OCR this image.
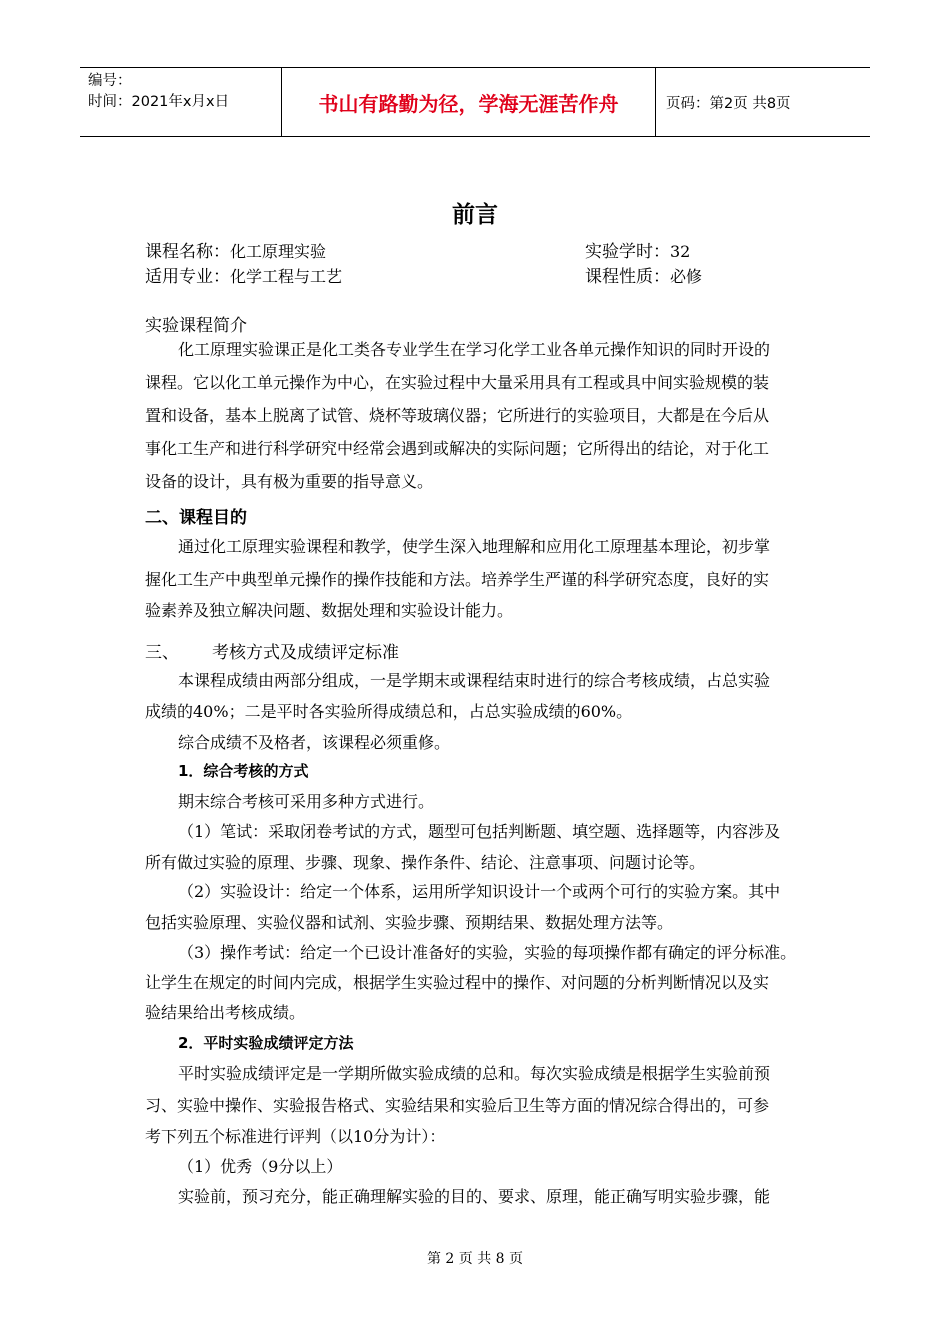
编号：
时间：2021年x月x日	书山有路勤为径，学海无涯苦作舟	页码：第2页 共8页
前言
课程名称：化工原理实验	实验学时：32
适用专业：化学工程与工艺	课程性质：必修
实验课程简介
化工原理实验课正是化工类各专业学生在学习化学工业各单元操作知识的同时开设的
课程。它以化工单元操作为中心，在实验过程中大量采用具有工程或具中间实验规模的装
置和设备，基本上脱离了试管、烧杯等玻璃仪器；它所进行的实验项目，大都是在今后从
事化工生产和进行科学研究中经常会遇到或解决的实际问题；它所得出的结论，对于化工
设备的设计，具有极为重要的指导意义。
二、课程目的
通过化工原理实验课程和教学，使学生深入地理解和应用化工原理基本理论，初步掌
握化工生产中典型单元操作的操作技能和方法。培养学生严谨的科学研究态度，良好的实
验素养及独立解决问题、数据处理和实验设计能力。
三、 考核方式及成绩评定标准
本课程成绩由两部分组成，一是学期末或课程结束时进行的综合考核成绩，占总实验
成绩的40%；二是平时各实验所得成绩总和，占总实验成绩的60%。
综合成绩不及格者，该课程必须重修。
1．综合考核的方式
期末综合考核可采用多种方式进行。
（1）笔试：采取闭卷考试的方式，题型可包括判断题、填空题、选择题等，内容涉及
所有做过实验的原理、步骤、现象、操作条件、结论、注意事项、问题讨论等。
（2）实验设计：给定一个体系，运用所学知识设计一个或两个可行的实验方案。其中
包括实验原理、实验仪器和试剂、实验步骤、预期结果、数据处理方法等。
（3）操作考试：给定一个已设计准备好的实验，实验的每项操作都有确定的评分标准。
让学生在规定的时间内完成，根据学生实验过程中的操作、对问题的分析判断情况以及实
验结果给出考核成绩。
2．平时实验成绩评定方法
平时实验成绩评定是一学期所做实验成绩的总和。每次实验成绩是根据学生实验前预
习、实验中操作、实验报告格式、实验结果和实验后卫生等方面的情况综合得出的，可参
考下列五个标准进行评判（以10分为计）：
（1）优秀（9分以上）
实验前，预习充分，能正确理解实验的目的、要求、原理，能正确写明实验步骤，能
第 2 页 共 8 页
